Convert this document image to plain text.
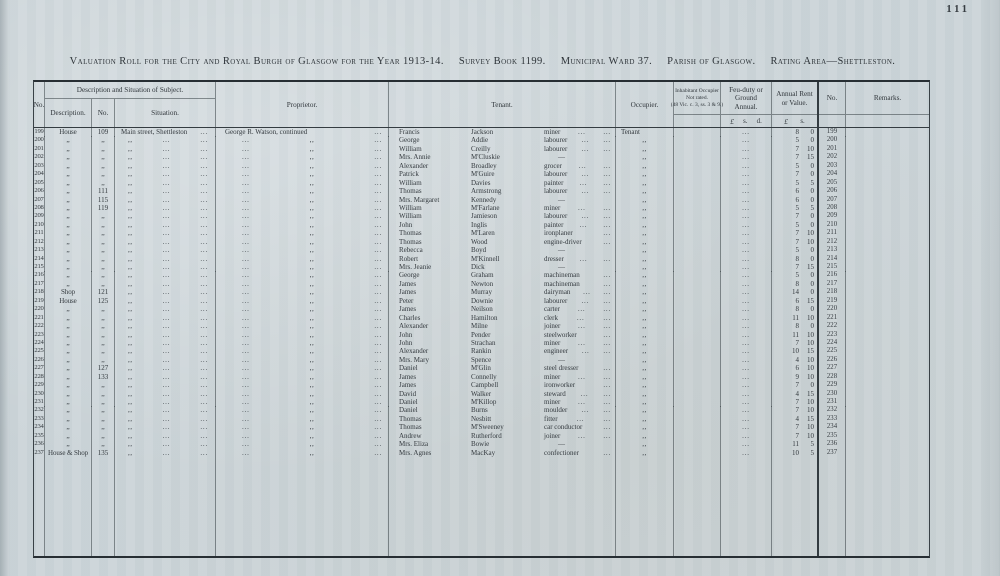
111
Valuation Roll for the City and Royal Burgh of Glasgow for the Year 1913-14. Survey Book 1199. Municipal Ward 37. Parish of Glasgow. Rating Area—Shettleston.
No.
Description and Situation of Subject.
Description.	No.	Situation.
Proprietor.	Tenant.	Occupier.
Inhabitant Occupier
Not rated.
(48 Vic. c. 3, ss. 3 & 9.)
Feu-duty or Ground Annual.
£ s. d.
Annual Rent or Value.
£ s.
No.	Remarks.
199	House	109	Main street, Shettleston ... George R. Watson, continued	...	Francis	Jackson	miner	...	...	Tenant	...	8	0	199
200	,,	,,	,,	...	...	...	,,	...	George	Addie	labourer ... ...	,,	...	5	0	200
201	,,	,,	,,	...	...	...	,,	...	William	Creilly	labourer ... ...	,,	...	7	10	201
202	,,	,,	,,	...	...	...	,,	...	Mrs. Annie	M'Cluskie	—	,,	...	7	15	202
203	,,	,,	,,	...	...	...	,,	...	Alexander	Broadley	grocer ... ...	,,	...	5	0	203
204	,,	,,	,,	...	...	...	,,	...	Patrick	M'Guire	labourer ... ...	,,	...	7	0	204
205	,,	,,	,,	...	...	...	,,	...	William	Davies	painter ... ...	,,	...	5	5	205
206	,,	111	,,	...	...	...	,,	...	Thomas	Armstrong	labourer ... ...	,,	...	6	0	206
207	,,	115	,,	...	...	...	,,	...	Mrs. Margaret	Kennedy	—	,,	...	6	0	207
208	,,	119	,,	...	...	...	,,	...	William	M'Farlane	miner	...	...	,,	...	5	5	208
209	,,	,,	,,	...	...	...	,,	...	William	Jamieson	labourer ... ...	,,	...	7	0	209
210	,,	,,	,,	...	...	...	,,	...	John	Inglis	painter ... ...	,,	...	5	0	210
211	,,	,,	,,	...	...	...	,,	...	Thomas	M'Laren	ironplaner	...	,,	...	7	10	211
212	,,	,,	,,	...	...	...	,,	...	Thomas	Wood	engine-driver	...	,,	...	7	10	212
213	,,	,,	,,	...	...	...	,,	...	Rebecca	Boyd	—	,,	...	5	0	213
214	,,	,,	,,	...	...	...	,,	...	Robert	M'Kinnell	dresser ... ...	,,	...	8	0	214
215	,,	,,	,,	...	...	...	,,	...	Mrs. Jeanie	Dick	—	,,	...	7	15	215
216	,,	,,	,,	...	...	...	,,	...	George	Graham	machineman	...	,,	...	5	0	216
217	,,	,,	,,	...	...	...	,,	...	James	Newton	machineman	...	,,	...	8	0	217
218	Shop	121	,,	...	...	...	,,	...	James	Murray	dairyman ... ...	,,	...	14	0	218
219	House	125	,,	...	...	...	,,	...	Peter	Downie	labourer ... ...	,,	...	6	15	219
220	,,	,,	,,	...	...	...	,,	...	James	Neilson	carter	...	...	,,	...	8	0	220
221	,,	,,	,,	...	...	...	,,	...	Charles	Hamilton	clerk	...	...	,,	...	11	10	221
222	,,	,,	,,	...	...	...	,,	...	Alexander	Milne	joiner	...	...	,,	...	8	0	222
223	,,	,,	,,	...	...	...	,,	...	John	Pender	steelworker	...	,,	...	11	10	223
224	,,	,,	,,	...	...	...	,,	...	John	Strachan	miner	...	...	,,	...	7	10	224
225	,,	,,	,,	...	...	...	,,	...	Alexander	Rankin	engineer ... ...	,,	...	10	15	225
226	,,	,,	,,	...	...	...	,,	...	Mrs. Mary	Spence	—	,,	...	4	10	226
227	,,	127	,,	...	...	...	,,	...	Daniel	M'Glin	steel dresser	...	,,	...	6	10	227
228	,,	133	,,	...	...	...	,,	...	James	Connelly	miner	...	...	,,	...	9	10	228
229	,,	,,	,,	...	...	...	,,	...	James	Campbell	ironworker	...	,,	...	7	0	229
230	,,	,,	,,	...	...	...	,,	...	David	Walker	steward ... ...	,,	...	4	15	230
231	,,	,,	,,	...	...	...	,,	...	Daniel	M'Killop	miner	...	...	,,	...	7	10	231
232	,,	,,	,,	...	...	...	,,	...	Daniel	Burns	moulder ... ...	,,	...	7	10	232
233	,,	,,	,,	...	...	...	,,	...	Thomas	Nesbitt	fitter	...	...	,,	...	4	15	233
234	,,	,,	,,	...	...	...	,,	...	Thomas	M'Sweeney	car conductor	...	,,	...	7	10	234
235	,,	,,	,,	...	...	...	,,	...	Andrew	Rutherford	joiner	...	...	,,	...	7	10	235
236	,,	,,	,,	...	...	...	,,	...	Mrs. Eliza	Bowie	—	,,	...	11	5	236
237 House & Shop	135	,,	...	...	...	,,	...	Mrs. Agnes	MacKay	confectioner	...	,,	...	10	5	237
